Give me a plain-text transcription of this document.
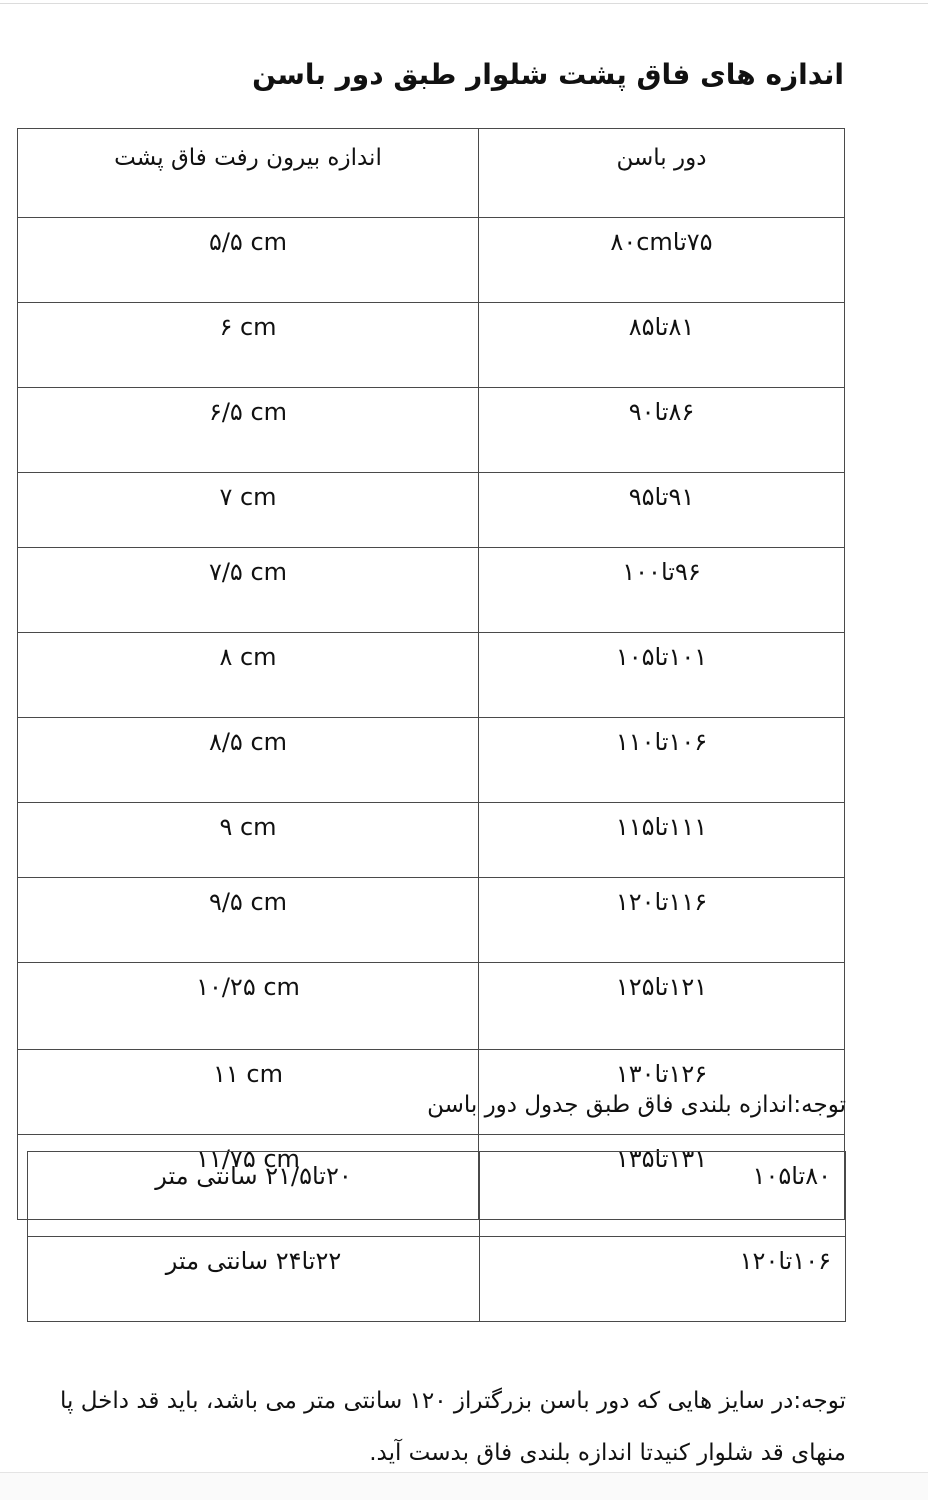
اندازه های فاق پشت شلوار طبق دور باسن
دور باسن	اندازه بیرون رفت فاق پشت
۷۵تا۸۰cm	۵/۵ cm
۸۱تا۸۵	۶ cm
۸۶تا۹۰	۶/۵ cm
۹۱تا۹۵	۷ cm
۹۶تا۱۰۰	۷/۵ cm
۱۰۱تا۱۰۵	۸ cm
۱۰۶تا۱۱۰	۸/۵ cm
۱۱۱تا۱۱۵	۹ cm
۱۱۶تا۱۲۰	۹/۵ cm
۱۲۱تا۱۲۵	۱۰/۲۵ cm
۱۲۶تا۱۳۰	۱۱ cm
۱۳۱تا۱۳۵	۱۱/۷۵ cm

توجه:اندازه بلندی فاق طبق جدول دور باسن

۸۰تا۱۰۵	۲۰تا۲۱/۵ سانتی متر
۱۰۶تا۱۲۰	۲۲تا۲۴ سانتی متر

توجه:در سایز هایی که دور باسن بزرگتراز ۱۲۰ سانتی متر می باشد، باید قد داخل پا

منهای قد شلوار کنیدتا اندازه بلندی فاق بدست آید.
